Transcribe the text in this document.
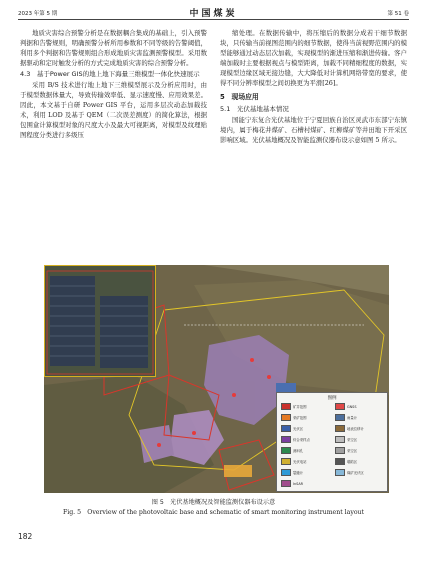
2023 年第 5 期	中国煤炭	第 51 卷

地质灾害综合预警分析是在数据耦合集成的基础上，引入预警判据和告警规则，明确预警分析所用参数和不同等级的告警阈值，利用多个判据和告警规则组合形成地质灾害监测预警模型。采用数据驱动和定时触发分析的方式完成地质灾害的综合预警分析。

4.3　基于Power GIS的地上地下海量三维模型一体化快速展示

采用 B/S 技术进行地上地下三维模型展示及分析应用时，由于模型数据体量大，导致传输效率低、显示速度慢、应用效果差。因此，本文基于自研 Power GIS 平台，运用多层次动态加载技术，利用 LOD 及基于 QEM（二次误差测度）的简化算法，根据包围盒计算模型对象的尺度大小及最大可视距离，对模型及纹理贴图程度分类进行多级压

缩处理。在数据传输中，将压缩后的数据分成若干细节数据块，只传输当前视图范围内的细节数据，使得当前视野范围内的模型能够通过动态层次加载，实现模型的渐进压缩和渐进传输。客户端加载时主要根据视点与模型距离，加载不同精细程度的数据，实现模型边缘区域无接边缝，大大降低对计算机网络带宽的要求，使得不同分辨率模型之间切换更为平滑[26]。

5　现场应用

5.1　光伏基地基本情况

国能宁东复合光伏基地位于宁夏回族自治区灵武市东部宁东镇境内，属于梅花井煤矿、石槽村煤矿、红柳煤矿等井田地下开采区影响区域。光伏基地概况及智能监测仪器布设示意如图 5 所示。

图例
矿井范围
采矿范围
光伏区
综合采样点
测斜孔
光伏电站
裂缝计
InSAR
GNSS
雨量计
地表位移计
采空区
采空区
塌陷区
煤矿光伏区
图 5　光伏基地概况及智能监测仪器布设示意
Fig. 5　Overview of the photovoltaic base and schematic of smart monitoring instrument layout
182
